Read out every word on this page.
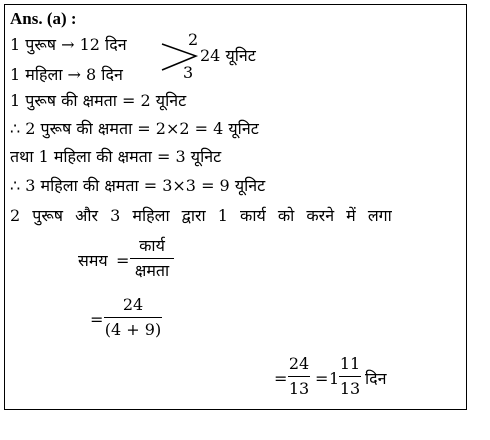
Ans. (a) :
1 पुरूष → 12 दिन
1 महिला → 8 दिन
2
3
24 यूनिट
1 पुरूष की क्षमता = 2 यूनिट
∴ 2 पुरूष की क्षमता = 2×2 = 4 यूनिट
तथा 1 महिला की क्षमता = 3 यूनिट
∴ 3 महिला की क्षमता = 3×3 = 9 यूनिट
2 पुरूष और 3 महिला द्वारा 1 कार्य को करने में लगा
समय =
कार्य
क्षमता
=
24
(4 + 9)
=
24
13
= 1
11
13
दिन
